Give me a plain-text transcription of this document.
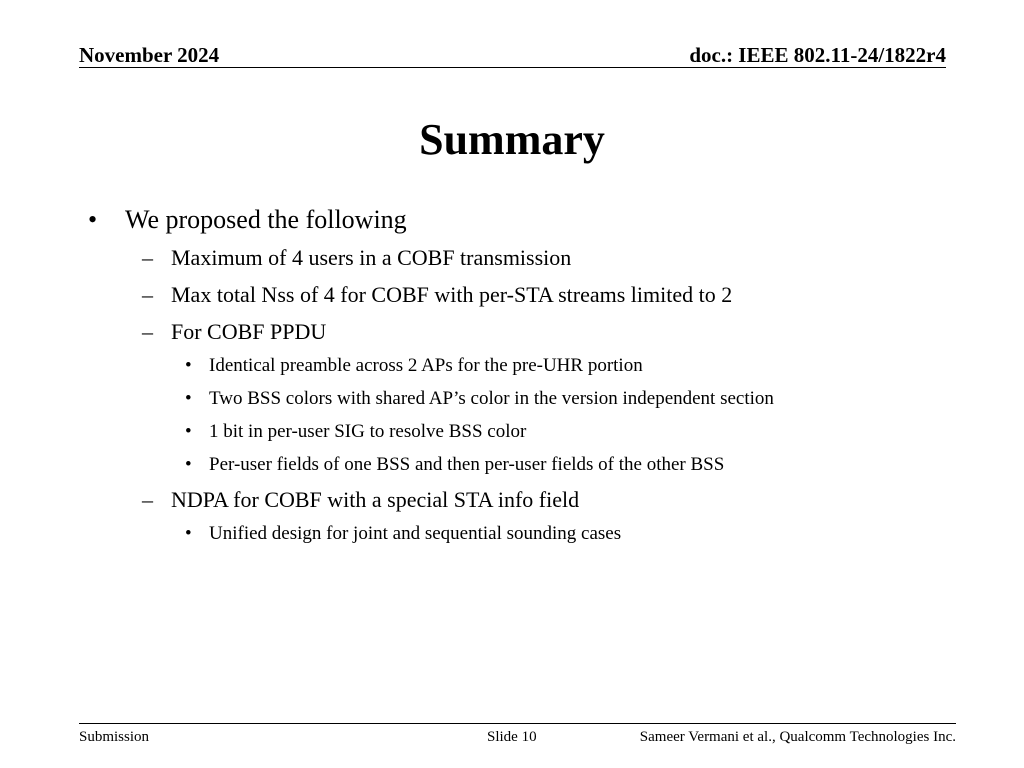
November 2024	doc.: IEEE 802.11-24/1822r4
Summary
• We proposed the following
– Maximum of 4 users in a COBF transmission
– Max total Nss of 4 for COBF with per-STA streams limited to 2
– For COBF PPDU
• Identical preamble across 2 APs for the pre-UHR portion
• Two BSS colors with shared AP’s color in the version independent section
• 1 bit in per-user SIG to resolve BSS color
• Per-user fields of one BSS and then per-user fields of the other BSS
– NDPA for COBF with a special STA info field
• Unified design for joint and sequential sounding cases
Submission	Slide 10	Sameer Vermani et al., Qualcomm Technologies Inc.
